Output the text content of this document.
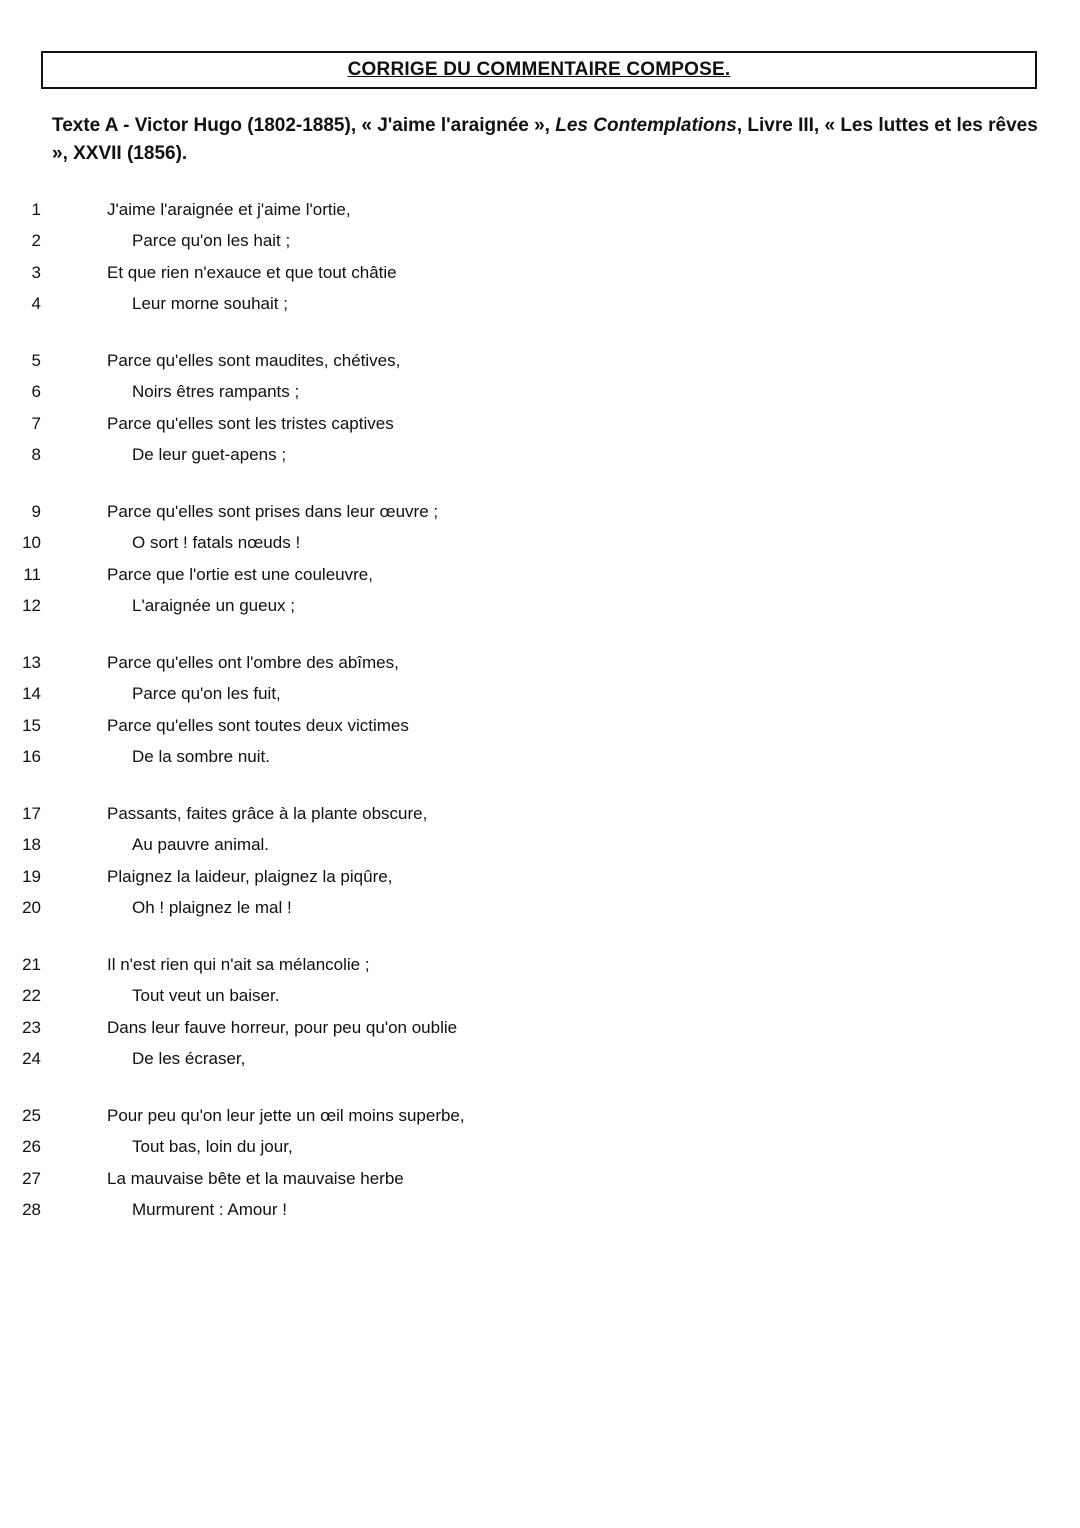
CORRIGE DU COMMENTAIRE COMPOSE.
Texte A - Victor Hugo (1802-1885), « J'aime l'araignée », Les Contemplations, Livre III, « Les luttes et les rêves », XXVII (1856).
1	J'aime l'araignée et j'aime l'ortie,
2	Parce qu'on les hait ;
3	Et que rien n'exauce et que tout châtie
4	Leur morne souhait ;
5	Parce qu'elles sont maudites, chétives,
6	Noirs êtres rampants ;
7	Parce qu'elles sont les tristes captives
8	De leur guet-apens ;
9	Parce qu'elles sont prises dans leur œuvre ;
10	O sort ! fatals nœuds !
11	Parce que l'ortie est une couleuvre,
12	L'araignée un gueux ;
13	Parce qu'elles ont l'ombre des abîmes,
14	Parce qu'on les fuit,
15	Parce qu'elles sont toutes deux victimes
16	De la sombre nuit.
17	Passants, faites grâce à la plante obscure,
18	Au pauvre animal.
19	Plaignez la laideur, plaignez la piqûre,
20	Oh ! plaignez le mal !
21	Il n'est rien qui n'ait sa mélancolie ;
22	Tout veut un baiser.
23	Dans leur fauve horreur, pour peu qu'on oublie
24	De les écraser,
25	Pour peu qu'on leur jette un œil moins superbe,
26	Tout bas, loin du jour,
27	La mauvaise bête et la mauvaise herbe
28	Murmurent : Amour !
